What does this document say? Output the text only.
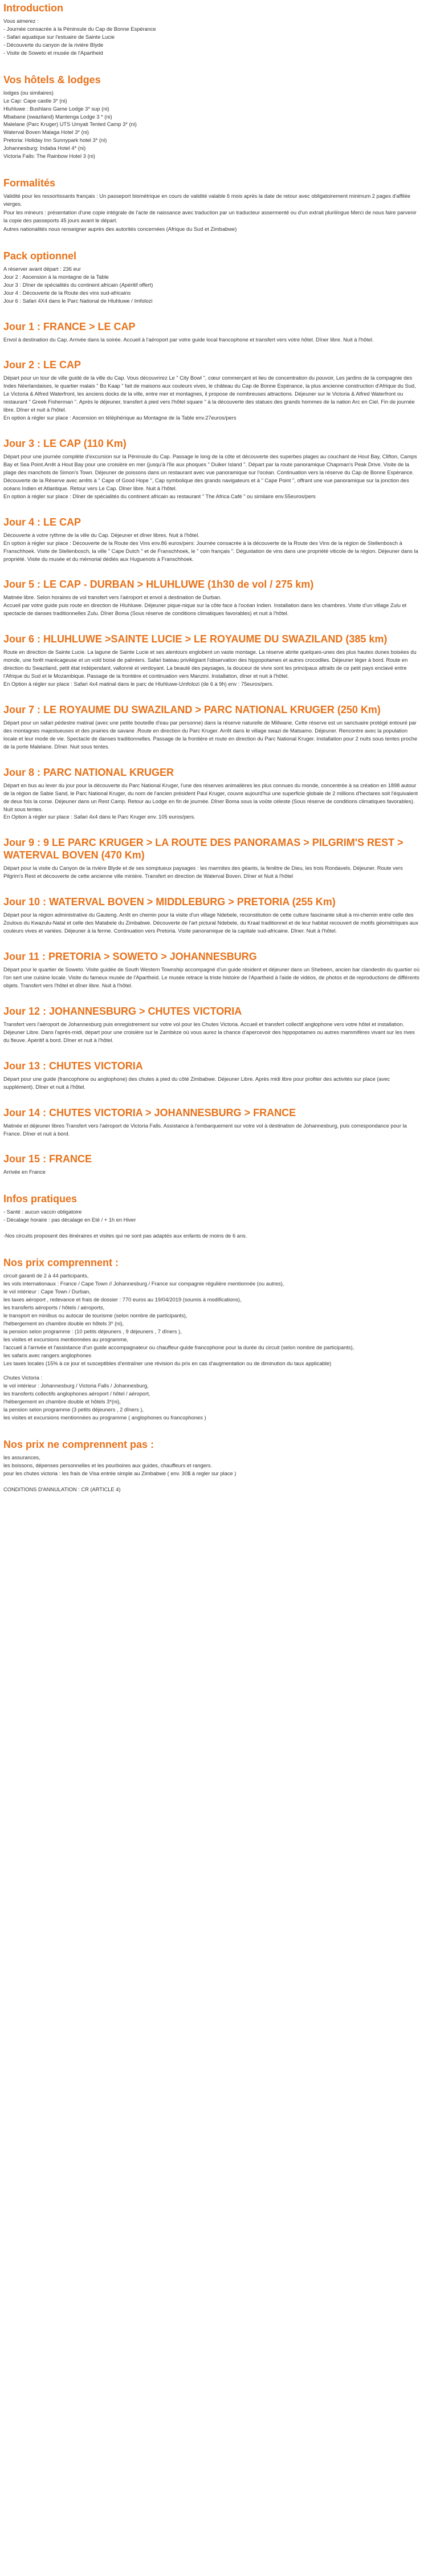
Introduction
Vous aimerez :
- Journée consacrée à la Péninsule du Cap de Bonne Espérance
- Safari aquatique sur l'estuaire de Sainte Lucie
- Découverte du canyon de la rivière Blyde
- Visite de Soweto et musée de l'Apartheid
Vos hôtels & lodges
lodges (ou similaires)
Le Cap: Cape castle 3* (ni)
Hluhluwe : Bushlans Game Lodge 3* sup (ni)
Mbabane (swaziland) Mantenga Lodge 3 * (ni)
Malelane (Parc Kruger) UTS Umyati Tented Camp 3* (ni)
Waterval Boven Malaga Hotel 3* (ni)
Pretoria: Holiday Inn Sunnypark hotel 3* (ni)
Johannesburg: Indaba Hotel 4* (ni)
Victoria Falls: The Rainbow Hotel 3 (ni)
Formalités

Validité pour les ressortissants français : Un passeport biométrique en cours de validité valable 6 mois après la date de retour avec obligatoirement minimum 2 pages d'affilée vierges.

Pour les mineurs : présentation d'une copie intégrale de l'acte de naissance avec traduction par un traducteur assermenté ou d'un extrait plurilingue Merci de nous faire parvenir la copie des passeports 45 jours avant le départ.

Autres nationalités nous renseigner auprès des autorités concernées (Afrique du Sud et Zimbabwe)

Pack optionnel
A réserver avant départ : 236 eur
Jour 2 : Ascension à la montagne de la Table
Jour 3 : Dîner de spécialités du continent africain (Apéritif offert)
Jour 4 : Découverte de la Route des vins sud-africains
Jour 6 : Safari 4X4 dans le Parc National de Hluhluwe / Imfolozi
Jour 1 : FRANCE > LE CAP

Envol à destination du Cap. Arrivée dans la soirée. Accueil à l'aéroport par votre guide local francophone et transfert vers votre hôtel. Dîner libre. Nuit à l'hôtel.

Jour 2 : LE CAP

Départ pour un tour de ville guidé de la ville du Cap. Vous découvrirez Le " City Bowl ", cœur commerçant et lieu de concentration du pouvoir, Les jardins de la compagnie des Indes Néerlandaises, le quartier malais " Bo Kaap " fait de maisons aux couleurs vives, le château du Cap de Bonne Espérance, la plus ancienne construction d'Afrique du Sud, Le Victoria & Alfred Waterfront, les anciens docks de la ville, entre mer et montagnes, il propose de nombreuses attractions. Déjeuner sur le Victoria & Alfred Waterfront ou restaurant " Greek Fisherman ". Après le déjeuner, transfert à pied vers l'hôtel square " à la découverte des statues des grands hommes de la nation Arc en Ciel. Fin de journée libre. Dîner et nuit à l'hôtel.

En option à régler sur place : Ascension en téléphérique au Montagne de la Table env.27euros/pers

Jour 3 : LE CAP (110 Km)

Départ pour une journée complète d'excursion sur la Péninsule du Cap. Passage le long de la côte et découverte des superbes plages au couchant de Hout Bay, Clifton, Camps Bay et Sea Point.Arrêt à Hout Bay pour une croisière en mer (jusqu'à l'île aux phoques " Duiker Island ". Départ par la route panoramique Chapman's Peak Drive. Visite de la plage des manchots de Simon's Town. Déjeuner de poissons dans un restaurant avec vue panoramique sur l'océan. Continuation vers la réserve du Cap de Bonne Espérance. Découverte de la Réserve avec arrêts à " Cape of Good Hope ", Cap symbolique des grands navigateurs et à " Cape Point ", offrant une vue panoramique sur la jonction des océans Indien et Atlantique. Retour vers Le Cap. Dîner libre. Nuit à l'hôtel.

En option à régler sur place : Dîner de spécialités du continent africain au restaurant " The Africa Café " ou similaire env.55euros/pers

Jour 4 : LE CAP

Découverte à votre rythme de la ville du Cap. Déjeuner et dîner libres. Nuit à l'hôtel.

En option à régler sur place : Découverte de la Route des Vins env.86 euros/pers: Journée consacrée à la découverte de la Route des Vins de la région de Stellenbosch à Franschhoek. Visite de Stellenbosch, la ville " Cape Dutch " et de Franschhoek, le " coin français ". Dégustation de vins dans une propriété viticole de la région. Déjeuner dans la propriété. Visite du musée et du mémorial dédiés aux Huguenots à Franschhoek.

Jour 5 : LE CAP - DURBAN > HLUHLUWE (1h30 de vol / 275 km)

Matinée libre. Selon horaires de vol transfert vers l'aéroport et envol à destination de Durban.

Accueil par votre guide puis route en direction de Hluhluwe. Déjeuner pique-nique sur la côte face à l'océan Indien. Installation dans les chambres. Visite d'un village Zulu et spectacle de danses traditionnelles Zulu. Dîner Boma (Sous réserve de conditions climatiques favorables) et nuit à l'hôtel.

Jour 6 : HLUHLUWE >SAINTE LUCIE > LE ROYAUME DU SWAZILAND (385 km)

Route en direction de Sainte Lucie. La lagune de Sainte Lucie et ses alentours englobent un vaste montage. La réserve abrite quelques-unes des plus hautes dunes boisées du monde, une forêt marécageuse et un vold boisé de palmiers. Safari bateau privilégiant l'observation des hippopotames et autres crocodiles. Déjeuner léger à bord. Route en direction du Swaziland, petit état indépendant, vallonné et verdoyant. La beauté des paysages, la douceur de vivre sont les principaux attraits de ce petit pays enclavé entre l'Afrique du Sud et le Mozambique. Passage de la frontière et continuation vers Manzini. Installation, dîner et nuit à l'hôtel.

En Option à régler sur place : Safari 4x4 matinal dans le parc de Hluhluwe-Umfolozi (de 6 à 9h) env : 75euros/pers.

Jour 7 : LE ROYAUME DU SWAZILAND > PARC NATIONAL KRUGER (250 Km)

Départ pour un safari pédestre matinal (avec une petite bouteille d'eau par personne) dans la réserve naturelle de Mlilwane. Cette réserve est un sanctuaire protégé entouré par des montagnes majestueuses et des prairies de savane .Route en direction du Parc Kruger. Arrêt dans le village swazi de Matsamo. Déjeuner. Rencontre avec la population locale et leur mode de vie. Spectacle de danses traditionnelles. Passage de la frontière et route en direction du Parc National Kruger. Installation pour 2 nuits sous tentes proche de la porte Malelane. Dîner. Nuit sous tentes.

Jour 8 : PARC NATIONAL KRUGER

Départ en bus au lever du jour pour la découverte du Parc National Kruger, l'une des réserves animalières les plus connues du monde, concentrée à sa création en 1898 autour de la région de Sabie Sand, le Parc National Kruger, du nom de l'ancien président Paul Kruger, couvre aujourd'hui une superficie globale de 2 millions d'hectares soit l'équivalent de deux fois la corse. Déjeuner dans un Rest Camp. Retour au Lodge en fin de journée. Dîner Boma sous la voûte céleste (Sous réserve de conditions climatiques favorables). Nuit sous tentes.

En Option à régler sur place : Safari 4x4 dans le Parc Kruger env. 105 euros/pers.

Jour 9 : 9 LE PARC KRUGER > LA ROUTE DES PANORAMAS > PILGRIM'S REST > WATERVAL BOVEN (470 Km)

Départ pour la visite du Canyon de la rivière Blyde et de ses somptueux paysages : les marmites des géants, la fenêtre de Dieu, les trois Rondavels. Déjeuner. Route vers Pilgrim's Rest et découverte de cette ancienne ville minière. Transfert en direction de Waterval Boven. Dîner et Nuit à l'hôtel

Jour 10 : WATERVAL BOVEN > MIDDLEBURG > PRETORIA (255 Km)

Départ pour la région administrative du Gauteng. Arrêt en chemin pour la visite d'un village Ndebele, reconstitution de cette culture fascinante situé à mi-chemin entre celle des Zoulous du Kwazulu-Natal et celle des Matabele du Zimbabwe. Découverte de l'art pictural Ndebele, du Kraal traditionnel et de leur habitat recouvert de motifs géométriques aux couleurs vives et variées. Déjeuner à la ferme. Continuation vers Pretoria. Visite panoramique de la capitale sud-africaine. Dîner. Nuit à l'hôtel.

Jour 11 : PRETORIA > SOWETO > JOHANNESBURG

Départ pour le quartier de Soweto. Visite guidée de South Western Township accompagné d'un guide résident et déjeuner dans un Shebeen, ancien bar clandestin du quartier où l'on sert une cuisine locale. Visite du fameux musée de l'Apartheid. Le musée retrace la triste histoire de l'Apartheid à l'aide de vidéos, de photos et de reproductions de différents objets. Transfert vers l'hôtel et dîner libre. Nuit à l'hôtel.

Jour 12 : JOHANNESBURG > CHUTES VICTORIA

Transfert vers l'aéroport de Johannesburg puis enregistrement sur votre vol pour les Chutes Victoria. Accueil et transfert collectif anglophone vers votre hôtel et installation. Déjeuner Libre. Dans l'après-midi, départ pour une croisière sur le Zambèze où vous aurez la chance d'apercevoir des hippopotames ou autres mammifères vivant sur les rives du fleuve. Apéritif à bord. Dîner et nuit à l'hôtel.

Jour 13 : CHUTES VICTORIA

Départ pour une guide (francophone ou anglophone) des chutes à pied du côté Zimbabwe. Déjeuner Libre. Après midi libre pour profiter des activités sur place (avec supplément). Dîner et nuit à l'hôtel.

Jour 14 : CHUTES VICTORIA > JOHANNESBURG > FRANCE

Matinée et déjeuner libres Transfert vers l'aéroport de Victoria Falls. Assistance à l'embarquement sur votre vol à destination de Johannesburg, puis correspondance pour la France. Dîner et nuit à bord.

Jour 15 : FRANCE

Arrivée en France

Infos pratiques
- Santé : aucun vaccin obligatoire
- Décalage horaire : pas décalage en Eté / + 1h en Hiver

-Nos circuits proposent des itinéraires et visites qui ne sont pas adaptés aux enfants de moins de 6 ans.

Nos prix comprennent :
circuit garanti de 2 à 44 participants,
les vols internationaux : France / Cape Town // Johannesburg / France sur compagnie régulière mentionnée (ou autres),
le vol intérieur : Cape Town / Durban,
les taxes aéroport , redevance et frais de dossier : 770 euros au 19/04/2019 (soumis à modifications),
les transferts aéroports / hôtels / aéroports,
le transport en minibus ou autocar de tourisme (selon nombre de participants),
l'hébergement en chambre double en hôtels 3* (ni),
la pension selon programme : (10 petits déjeuners , 9 déjeuners , 7 dîners ),
les visites et excursions mentionnées au programme,
l'accueil à l'arrivée et l'assistance d'un guide accompagnateur ou chauffeur-guide francophone pour la durée du circuit (selon nombre de participants),
les safaris avec rangers anglophones
Les taxes locales (15% à ce jour et susceptibles d'entraîner une révision du prix en cas d'augmentation ou de diminution du taux applicable)
Chutes Victoria :
le vol intérieur : Johannesburg / Victoria Falls / Johannesburg,
les transferts collectifs anglophones aéroport / hôtel / aéroport,
l'hébergement en chambre double et hôtels 3*(ni),
la pension selon programme (3 petits déjeuners , 2 dîners ),
les visites et excursions mentionnées au programme ( anglophones ou francophones )
Nos prix ne comprennent pas :
les assurances,
les boissons, dépenses personnelles et les pourboires aux guides, chauffeurs et rangers.
pour les chutes victoria : les frais de Visa entrée simple au Zimbabwe ( env. 30$ à regler sur place )

CONDITIONS D'ANNULATION : CR (ARTICLE 4)
